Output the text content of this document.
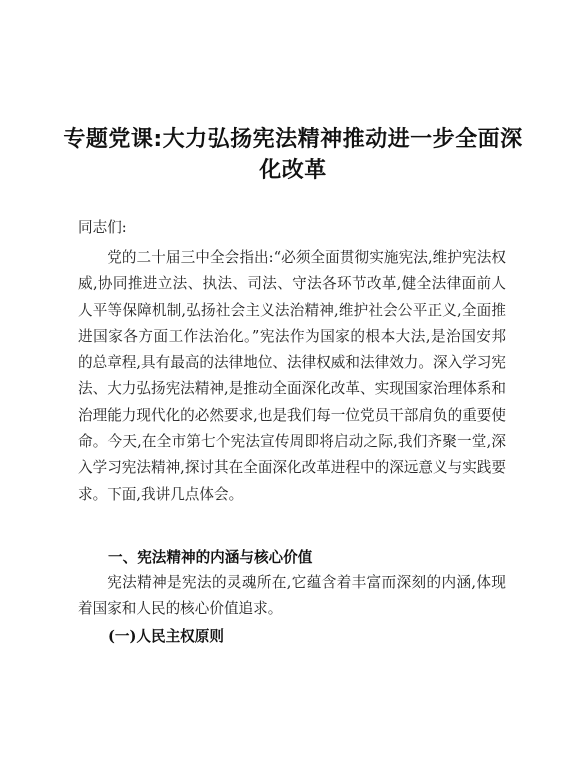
专题党课:大力弘扬宪法精神推动进一步全面深化改革
同志们:
党的二十届三中全会指出:“必须全面贯彻实施宪法,维护宪法权威,协同推进立法、执法、司法、守法各环节改革,健全法律面前人人平等保障机制,弘扬社会主义法治精神,维护社会公平正义,全面推进国家各方面工作法治化。”宪法作为国家的根本大法,是治国安邦的总章程,具有最高的法律地位、法律权威和法律效力。深入学习宪法、大力弘扬宪法精神,是推动全面深化改革、实现国家治理体系和治理能力现代化的必然要求,也是我们每一位党员干部肩负的重要使命。今天,在全市第七个宪法宣传周即将启动之际,我们齐聚一堂,深入学习宪法精神,探讨其在全面深化改革进程中的深远意义与实践要求。下面,我讲几点体会。
一、宪法精神的内涵与核心价值
宪法精神是宪法的灵魂所在,它蕴含着丰富而深刻的内涵,体现着国家和人民的核心价值追求。
(一)人民主权原则
